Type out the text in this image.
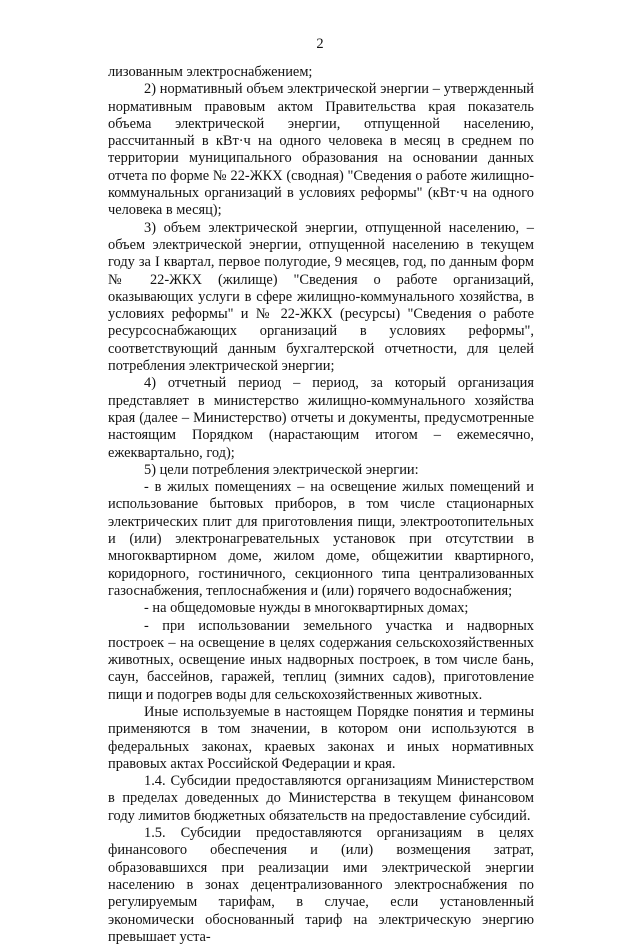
2

лизованным электроснабжением;

2) нормативный объем электрической энергии – утвержденный нормативным правовым актом Правительства края показатель объема электрической энергии, отпущенной населению, рассчитанный в кВт·ч на одного человека в месяц в среднем по территории муниципального образования на основании данных отчета по форме № 22-ЖКХ (сводная) "Сведения о работе жилищно-коммунальных организаций в условиях реформы" (кВт·ч на одного человека в месяц);

3) объем электрической энергии, отпущенной населению, – объем электрической энергии, отпущенной населению в текущем году за I квартал, первое полугодие, 9 месяцев, год, по данным форм № 22-ЖКХ (жилище) "Сведения о работе организаций, оказывающих услуги в сфере жилищно-коммунального хозяйства, в условиях реформы" и № 22-ЖКХ (ресурсы) "Сведения о работе ресурсоснабжающих организаций в условиях реформы", соответствующий данным бухгалтерской отчетности, для целей потребления электрической энергии;

4) отчетный период – период, за который организация представляет в министерство жилищно-коммунального хозяйства края (далее – Министерство) отчеты и документы, предусмотренные настоящим Порядком (нарастающим итогом – ежемесячно, ежеквартально, год);

5) цели потребления электрической энергии:

- в жилых помещениях – на освещение жилых помещений и использование бытовых приборов, в том числе стационарных электрических плит для приготовления пищи, электроотопительных и (или) электронагревательных установок при отсутствии в многоквартирном доме, жилом доме, общежитии квартирного, коридорного, гостиничного, секционного типа централизованных газоснабжения, теплоснабжения и (или) горячего водоснабжения;

- на общедомовые нужды в многоквартирных домах;

- при использовании земельного участка и надворных построек – на освещение в целях содержания сельскохозяйственных животных, освещение иных надворных построек, в том числе бань, саун, бассейнов, гаражей, теплиц (зимних садов), приготовление пищи и подогрев воды для сельскохозяйственных животных.

Иные используемые в настоящем Порядке понятия и термины применяются в том значении, в котором они используются в федеральных законах, краевых законах и иных нормативных правовых актах Российской Федерации и края.

1.4. Субсидии предоставляются организациям Министерством в пределах доведенных до Министерства в текущем финансовом году лимитов бюджетных обязательств на предоставление субсидий.

1.5. Субсидии предоставляются организациям в целях финансового обеспечения и (или) возмещения затрат, образовавшихся при реализации ими электрической энергии населению в зонах децентрализованного электроснабжения по регулируемым тарифам, в случае, если установленный экономически обоснованный тариф на электрическую энергию превышает уста-
